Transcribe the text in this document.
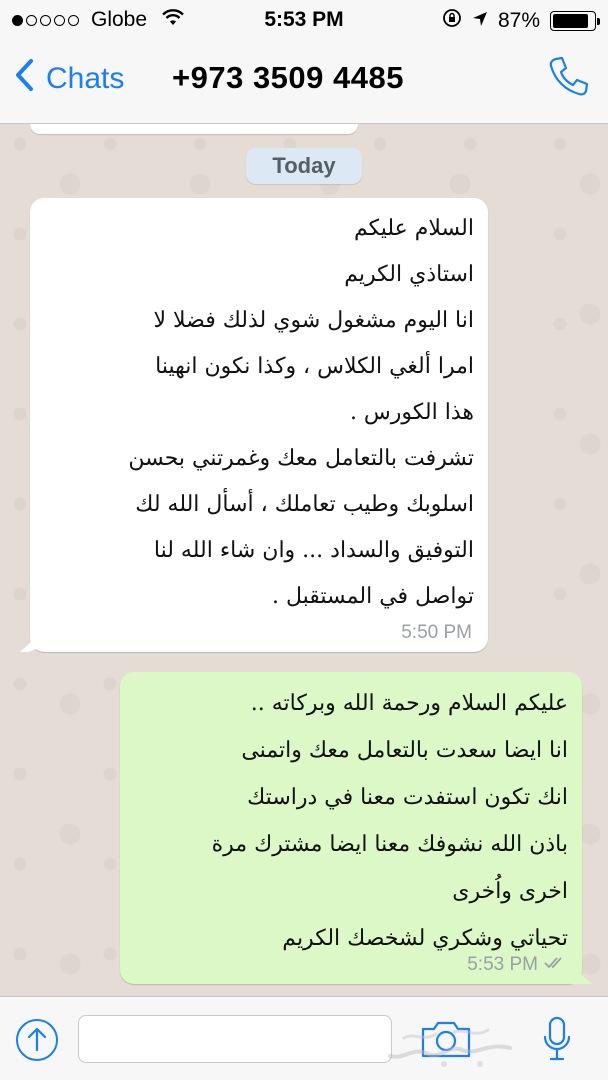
Globe	5:53 PM	87%
Chats +973 3509 4485
Today
السلام عليكم
استاذي الكريم
انا اليوم مشغول شوي لذلك فضلا لا
امرا ألغي الكلاس ، وكذا نكون انهينا
هذا الكورس .
تشرفت بالتعامل معك وغمرتني بحسن
اسلوبك وطيب تعاملك ، أسأل الله لك
التوفيق والسداد ... وان شاء الله لنا
تواصل في المستقبل .
5:50 PM
عليكم السلام ورحمة الله وبركاته ..
انا ايضا سعدت بالتعامل معك واتمنى
انك تكون استفدت معنا في دراستك
باذن الله نشوفك معنا ايضا مشترك مرة
اخرى واُخرى
تحياتي وشكري لشخصك الكريم
5:53 PM
